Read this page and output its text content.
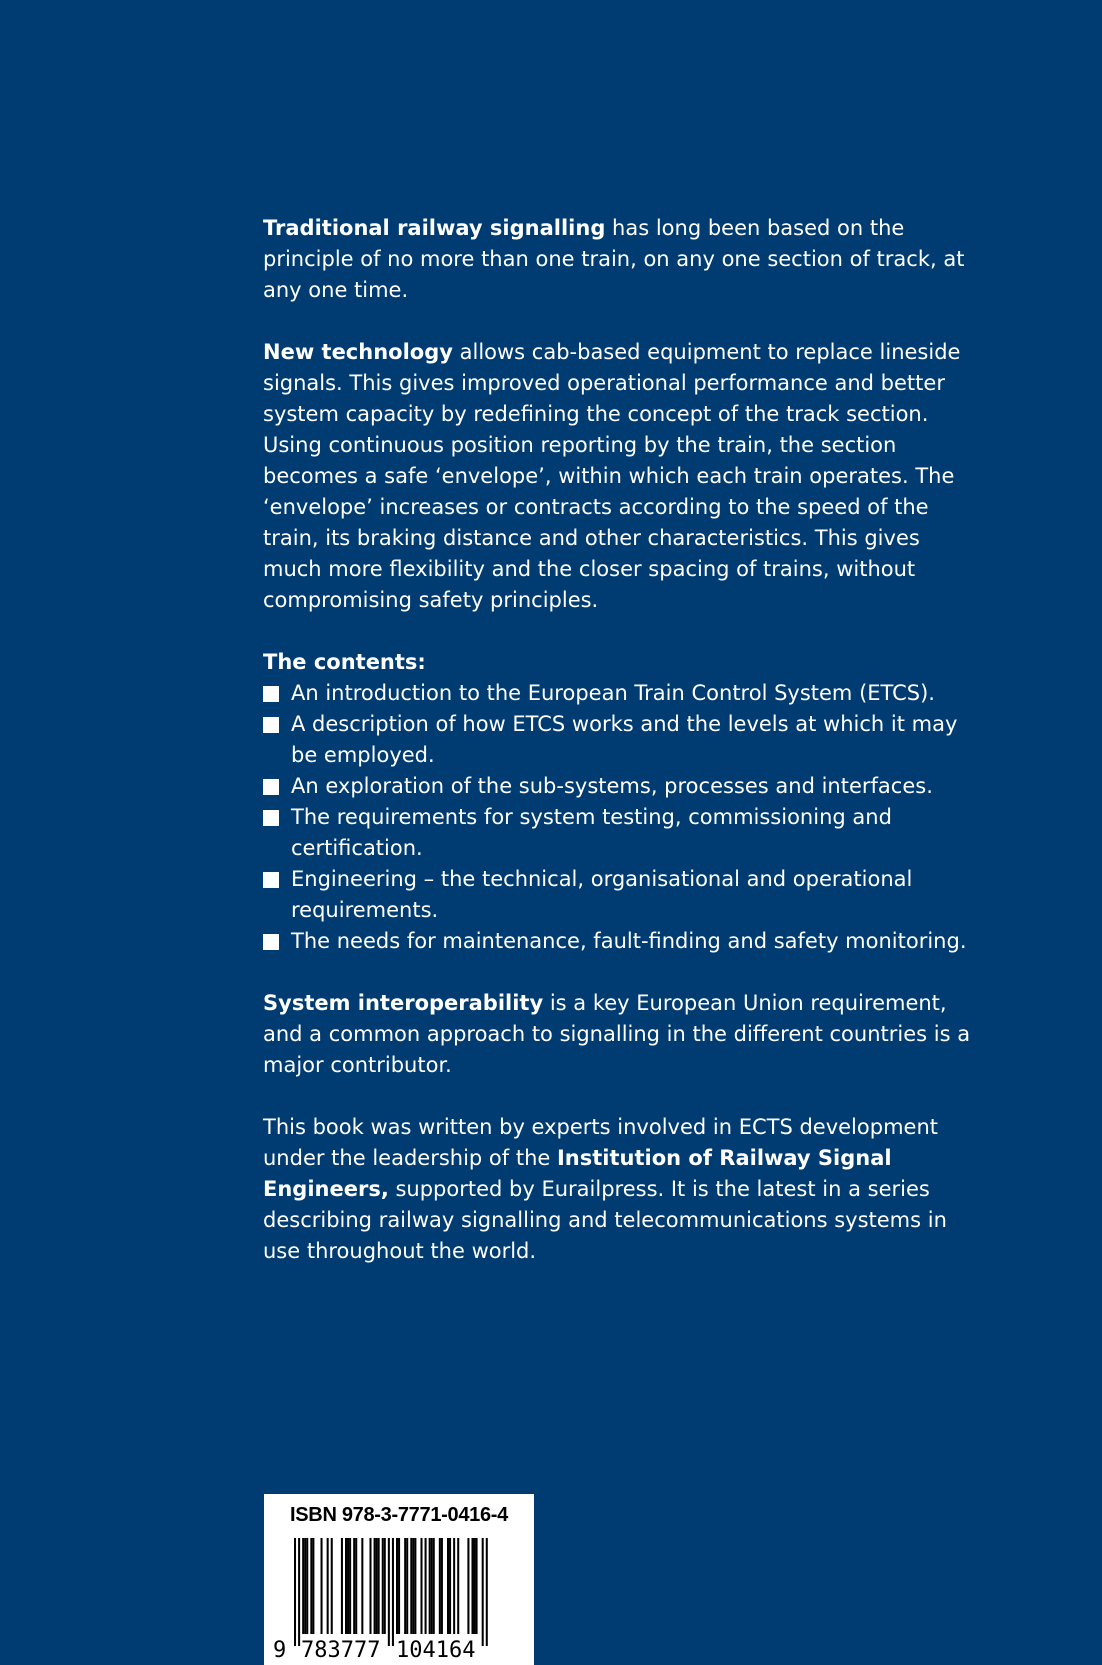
Traditional railway signalling has long been based on the principle of no more than one train, on any one section of track, at any one time.

New technology allows cab-based equipment to replace lineside signals. This gives improved operational performance and better system capacity by redefining the concept of the track section. Using continuous position reporting by the train, the section becomes a safe ‘envelope’, within which each train operates. The ‘envelope’ increases or contracts according to the speed of the train, its braking distance and other characteristics. This gives much more flexibility and the closer spacing of trains, without compromising safety principles.

The contents:
An introduction to the European Train Control System (ETCS).
A description of how ETCS works and the levels at which it may be employed.
An exploration of the sub-systems, processes and interfaces.
The requirements for system testing, commissioning and certification.
Engineering – the technical, organisational and operational requirements.
The needs for maintenance, fault-finding and safety monitoring.

System interoperability is a key European Union requirement, and a common approach to signalling in the different countries is a major contributor.

This book was written by experts involved in ECTS development under the leadership of the Institution of Railway Signal Engineers, supported by Eurailpress. It is the latest in a series describing railway signalling and telecommunications systems in use throughout the world.

ISBN 978-3-7771-0416-4
9 783777 104164
